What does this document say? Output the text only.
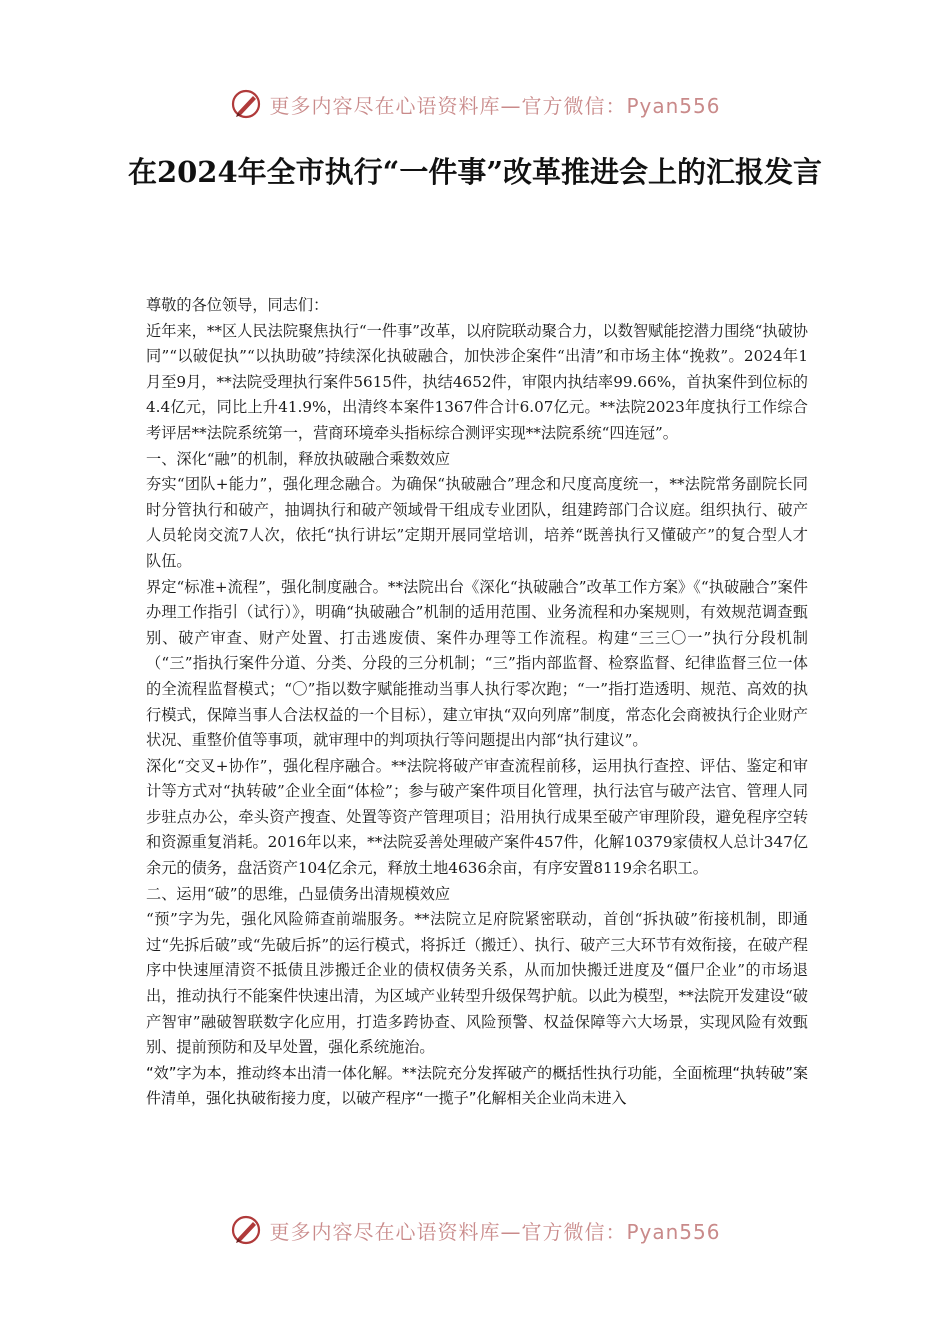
更多内容尽在心语资料库—官方微信：Pyan556
在2024年全市执行“一件事”改革推进会上的汇报发言

尊敬的各位领导，同志们：

近年来，**区人民法院聚焦执行“一件事”改革，以府院联动聚合力，以数智赋能挖潜力围绕“执破协同”“以破促执”“以执助破”持续深化执破融合，加快涉企案件“出清”和市场主体“挽救”。2024年1月至9月，**法院受理执行案件5615件，执结4652件，审限内执结率99.66%，首执案件到位标的4.4亿元，同比上升41.9%，出清终本案件1367件合计6.07亿元。**法院2023年度执行工作综合考评居**法院系统第一，营商环境牵头指标综合测评实现**法院系统“四连冠”。

一、深化“融”的机制，释放执破融合乘数效应

夯实“团队+能力”，强化理念融合。为确保“执破融合”理念和尺度高度统一，**法院常务副院长同时分管执行和破产，抽调执行和破产领域骨干组成专业团队，组建跨部门合议庭。组织执行、破产人员轮岗交流7人次，依托“执行讲坛”定期开展同堂培训，培养“既善执行又懂破产”的复合型人才队伍。

界定“标准+流程”，强化制度融合。**法院出台《深化“执破融合”改革工作方案》《“执破融合”案件办理工作指引（试行）》，明确“执破融合”机制的适用范围、业务流程和办案规则，有效规范调查甄别、破产审查、财产处置、打击逃废债、案件办理等工作流程。构建“三三〇一”执行分段机制（“三”指执行案件分道、分类、分段的三分机制；“三”指内部监督、检察监督、纪律监督三位一体的全流程监督模式；“〇”指以数字赋能推动当事人执行零次跑；“一”指打造透明、规范、高效的执行模式，保障当事人合法权益的一个目标），建立审执“双向列席”制度，常态化会商被执行企业财产状况、重整价值等事项，就审理中的判项执行等问题提出内部“执行建议”。

深化“交叉+协作”，强化程序融合。**法院将破产审查流程前移，运用执行查控、评估、鉴定和审计等方式对“执转破”企业全面“体检”；参与破产案件项目化管理，执行法官与破产法官、管理人同步驻点办公，牵头资产搜查、处置等资产管理项目；沿用执行成果至破产审理阶段，避免程序空转和资源重复消耗。2016年以来，**法院妥善处理破产案件457件，化解10379家债权人总计347亿余元的债务，盘活资产104亿余元，释放土地4636余亩，有序安置8119余名职工。

二、运用“破”的思维，凸显债务出清规模效应

“预”字为先，强化风险筛查前端服务。**法院立足府院紧密联动，首创“拆执破”衔接机制，即通过“先拆后破”或“先破后拆”的运行模式，将拆迁（搬迁）、执行、破产三大环节有效衔接，在破产程序中快速厘清资不抵债且涉搬迁企业的债权债务关系，从而加快搬迁进度及“僵尸企业”的市场退出，推动执行不能案件快速出清，为区域产业转型升级保驾护航。以此为模型，**法院开发建设“破产智审”融破智联数字化应用，打造多跨协查、风险预警、权益保障等六大场景，实现风险有效甄别、提前预防和及早处置，强化系统施治。

“效”字为本，推动终本出清一体化解。**法院充分发挥破产的概括性执行功能，全面梳理“执转破”案件清单，强化执破衔接力度，以破产程序“一揽子”化解相关企业尚未进入

更多内容尽在心语资料库—官方微信：Pyan556
